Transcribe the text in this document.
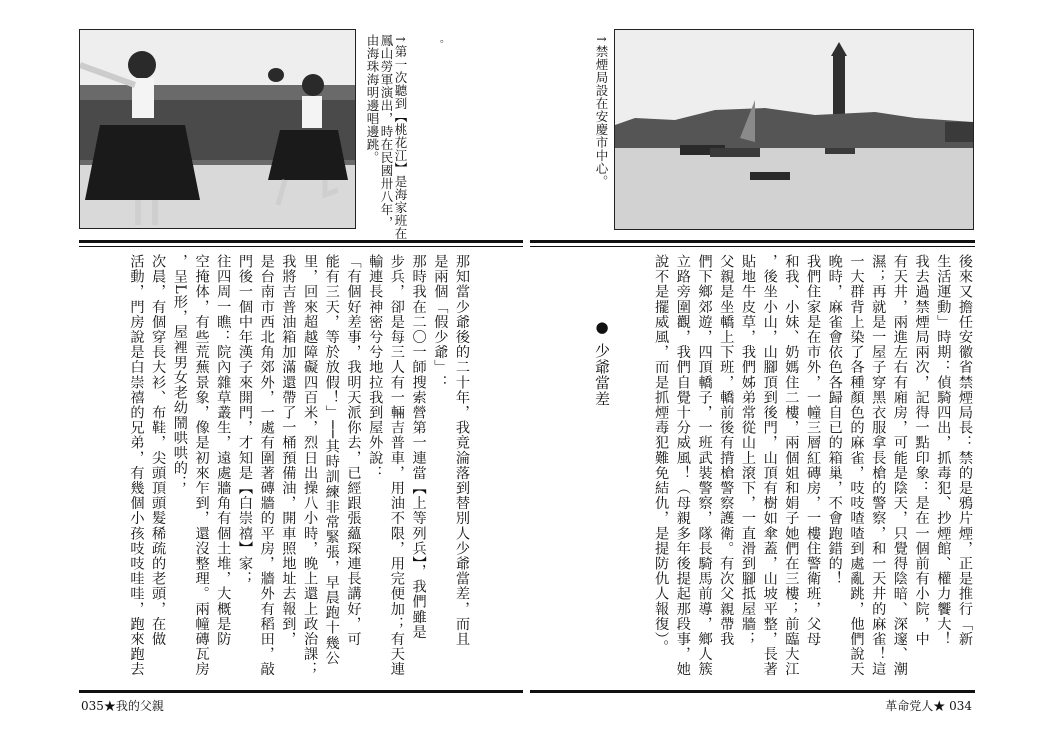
↑第一次聽到【桃花江】是海家班在
鳳山勞軍演出，時在民國卅八年，
由海珠海明邊唱邊跳。	。	↑禁煙局設在安慶市中心。
那知當少爺後的二十年，我竟淪落到替別人少爺當差，而且
是兩個「假少爺」：
那時我在二〇一師搜索營第一連當【上等列兵】，我們雖是
步兵，卻是每三人有一輛吉普車，用油不限，用完便加；有天連
輸連長神密兮兮地拉我到屋外說：
「有個好差事，我明天派你去，已經跟張蘊琛連長講好，可
能有三天，等於放假！」──其時訓練非常緊張，早晨跑十幾公
里，回來超越障礙四百米，烈日出操八小時，晚上還上政治課；
我將吉普油箱加滿還帶了一桶預備油，開車照地址去報到，
是台南市西北角郊外，一處有圍著磚牆的平房，牆外有稻田，敲
門後一個中年漢子來開門，才知是【白崇禧】家；
往四周一瞧：院內雜草叢生，遠處牆角有個土堆，大概是防
空掩体，有些荒蕪景象，像是初來乍到，還沒整理。兩幢磚瓦房
，呈L形，屋裡男女老幼鬧哄哄的；
次晨，有個穿長大衫、布鞋，尖頭頂頭髮稀疏的老頭，在做
活動，門房說是白崇禧的兄弟，有幾個小孩吱吱哇哇，跑來跑去	● 少爺當差	後來又擔任安徽省禁煙局長：禁的是鴉片煙，正是推行「新
生活運動」時期：偵騎四出，抓毒犯、抄煙館、權力饗大！
我去過禁煙局兩次，記得一點印象：是在一個前有小院，中
有天井，兩進左右有廂房，可能是陰天，只覺得陰暗、深邃、潮
濕；再就是一屋子穿黑衣服拿長槍的警察，和一天井的麻雀！這
一大群背上染了各種顏色的麻雀，吱吱喳喳到處亂跳，他們說天
晚時，麻雀會依色各歸自已的箱巢，不會跑錯的！
我們住家是在市外，一幢三層紅磚房，一樓住警衛班，父母
和我、小妹、奶媽住二樓，兩個姐和娟子她們在三樓；前臨大江
，後坐小山，山腳頂到後門，山頂有樹如傘蓋，山坡平整，長著
貼地牛皮草，我們姊弟常從山上滾下，一直滑到腳抵屋牆；
父親是坐轎上下班，轎前後有揹槍警察護衛。有次父親帶我
們下鄉郊遊，四頂轎子，一班武裝警察，隊長騎馬前導，鄉人簇
立路旁圍觀，我們自覺十分威風！（母親多年後提起那段事，她
說不是擺威風，而是抓煙毒犯難免結仇，是提防仇人報復）。
035★我的父親	革命党人★ 034
